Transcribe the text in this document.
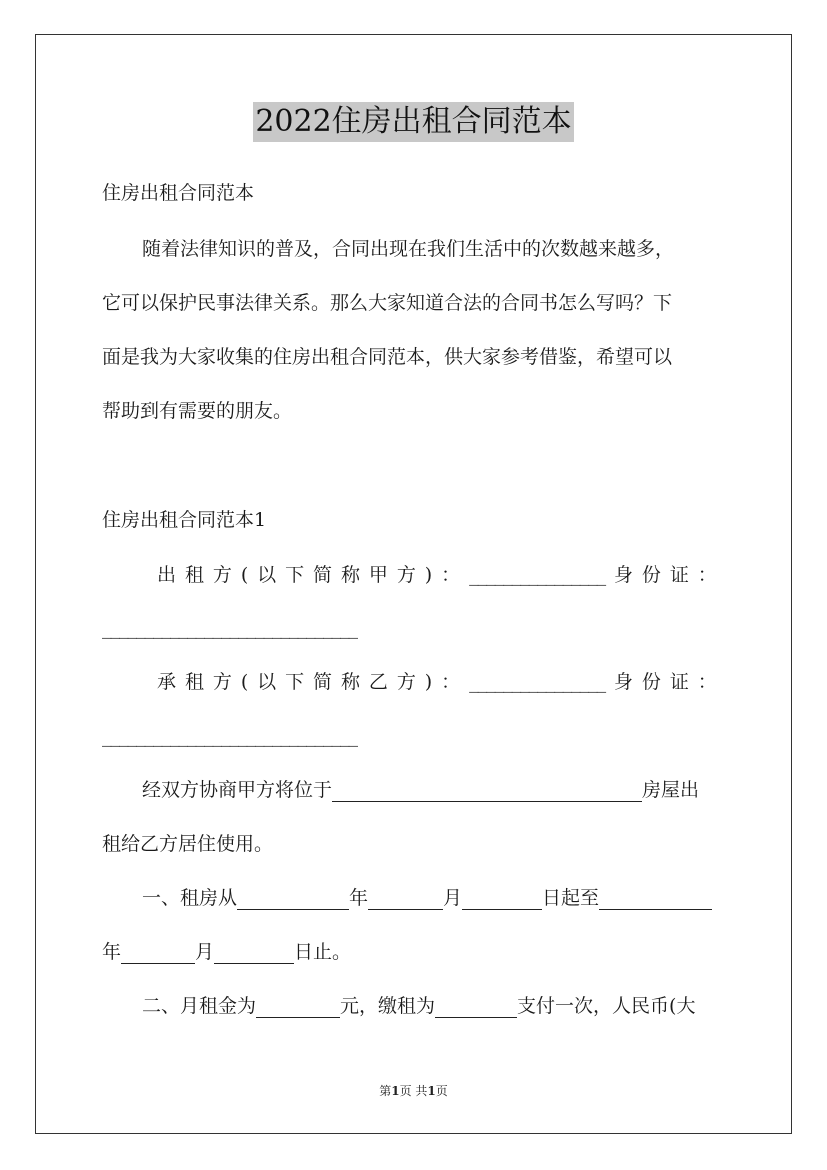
2022住房出租合同范本
住房出租合同范本
随着法律知识的普及，合同出现在我们生活中的次数越来越多，
它可以保护民事法律关系。那么大家知道合法的合同书怎么写吗？下
面是我为大家收集的住房出租合同范本，供大家参考借鉴，希望可以
帮助到有需要的朋友。
住房出租合同范本1
出 租 方 ( 以 下 简 称 甲 方 ) ： ________________ 身 份 证 ：
______________________________
承 租 方 ( 以 下 简 称 乙 方 ) ： ________________ 身 份 证 ：
______________________________
经双方协商甲方将位于	房屋出
租给乙方居住使用。
一、租房从	年	月	日起至
年	月	日止。
二、月租金为	元，缴租为	支付一次，人民币(大
第1页 共1页
